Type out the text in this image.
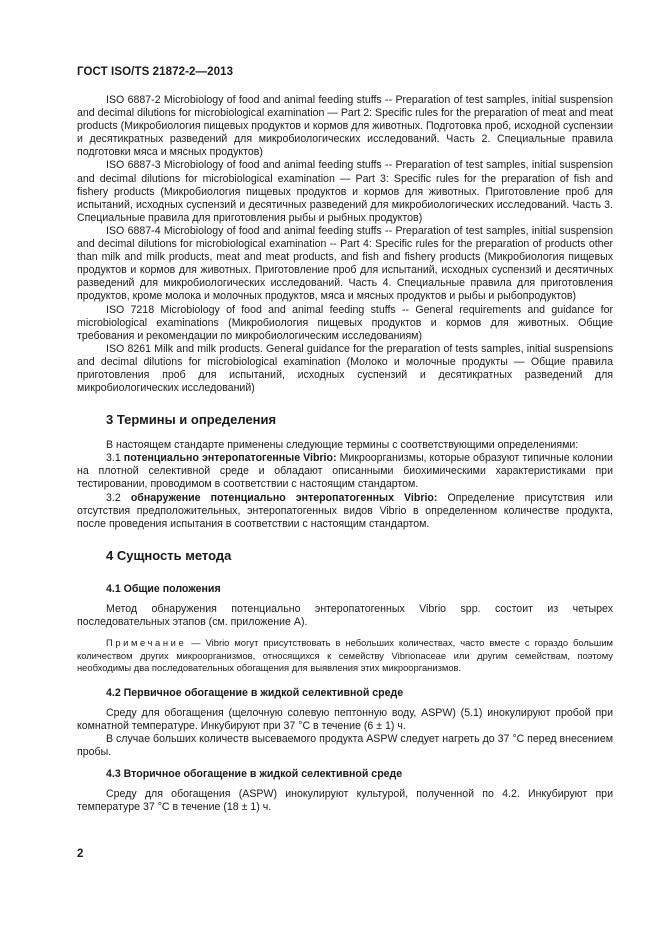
ГОСТ ISO/TS 21872-2—2013

ISO 6887-2 Microbiology of food and animal feeding stuffs -- Preparation of test samples, initial suspension and decimal dilutions for microbiological examination — Part 2: Specific rules for the preparation of meat and meat products (Микробиология пищевых продуктов и кормов для животных. Подготовка проб, исходной суспензии и десятикратных разведений для микробиологических исследований. Часть 2. Специальные правила подготовки мяса и мясных продуктов)

ISO 6887-3 Microbiology of food and animal feeding stuffs -- Preparation of test samples, initial suspension and decimal dilutions for microbiological examination — Part 3: Specific rules for the preparation of fish and fishery products (Микробиология пищевых продуктов и кормов для животных. Приготовление проб для испытаний, исходных суспензий и десятичных разведений для микробиологических исследований. Часть 3. Специальные правила для приготовления рыбы и рыбных продуктов)

ISO 6887-4 Microbiology of food and animal feeding stuffs -- Preparation of test samples, initial suspension and decimal dilutions for microbiological examination -- Part 4: Specific rules for the preparation of products other than milk and milk products, meat and meat products, and fish and fishery products (Микробиология пищевых продуктов и кормов для животных. Приготовление проб для испытаний, исходных суспензий и десятичных разведений для микробиологических исследований. Часть 4. Специальные правила для приготовления продуктов, кроме молока и молочных продуктов, мяса и мясных продуктов и рыбы и рыбопродуктов)

ISO 7218 Microbiology of food and animal feeding stuffs -- General requirements and guidance for microbiological examinations (Микробиология пищевых продуктов и кормов для животных. Общие требования и рекомендации по микробиологическим исследованиям)

ISO 8261 Milk and milk products. General guidance for the preparation of tests samples, initial suspensions and decimal dilutions for microbiological examination (Молоко и молочные продукты — Общие правила приготовления проб для испытаний, исходных суспензий и десятикратных разведений для микробиологических исследований)

3 Термины и определения

В настоящем стандарте применены следующие термины с соответствующими определениями:

3.1 потенциально энтеропатогенные Vibrio: Микроорганизмы, которые образуют типичные колонии на плотной селективной среде и обладают описанными биохимическими характеристиками при тестировании, проводимом в соответствии с настоящим стандартом.

3.2 обнаружение потенциально энтеропатогенных Vibrio: Определение присутствия или отсутствия предположительных, энтеропатогенных видов Vibrio в определенном количестве продукта, после проведения испытания в соответствии с настоящим стандартом.

4 Сущность метода
4.1 Общие положения

Метод обнаружения потенциально энтеропатогенных Vibrio spp. состоит из четырех последовательных этапов (см. приложение А).

Примечание — Vibrio могут присутствовать в небольших количествах, часто вместе с гораздо большим количеством других микроорганизмов, относящихся к семейству Vibrionaceae или другим семействам, поэтому необходимы два последовательных обогащения для выявления этих микроорганизмов.

4.2 Первичное обогащение в жидкой селективной среде

Среду для обогащения (щелочную солевую пептонную воду, ASPW) (5.1) инокулируют пробой при комнатной температуре. Инкубируют при 37 °С в течение (6 ± 1) ч.

В случае больших количеств высеваемого продукта ASPW следует нагреть до 37 °С перед внесением пробы.

4.3 Вторичное обогащение в жидкой селективной среде

Среду для обогащения (ASPW) инокулируют культурой, полученной по 4.2. Инкубируют при температуре 37 °С в течение (18 ± 1) ч.

2
